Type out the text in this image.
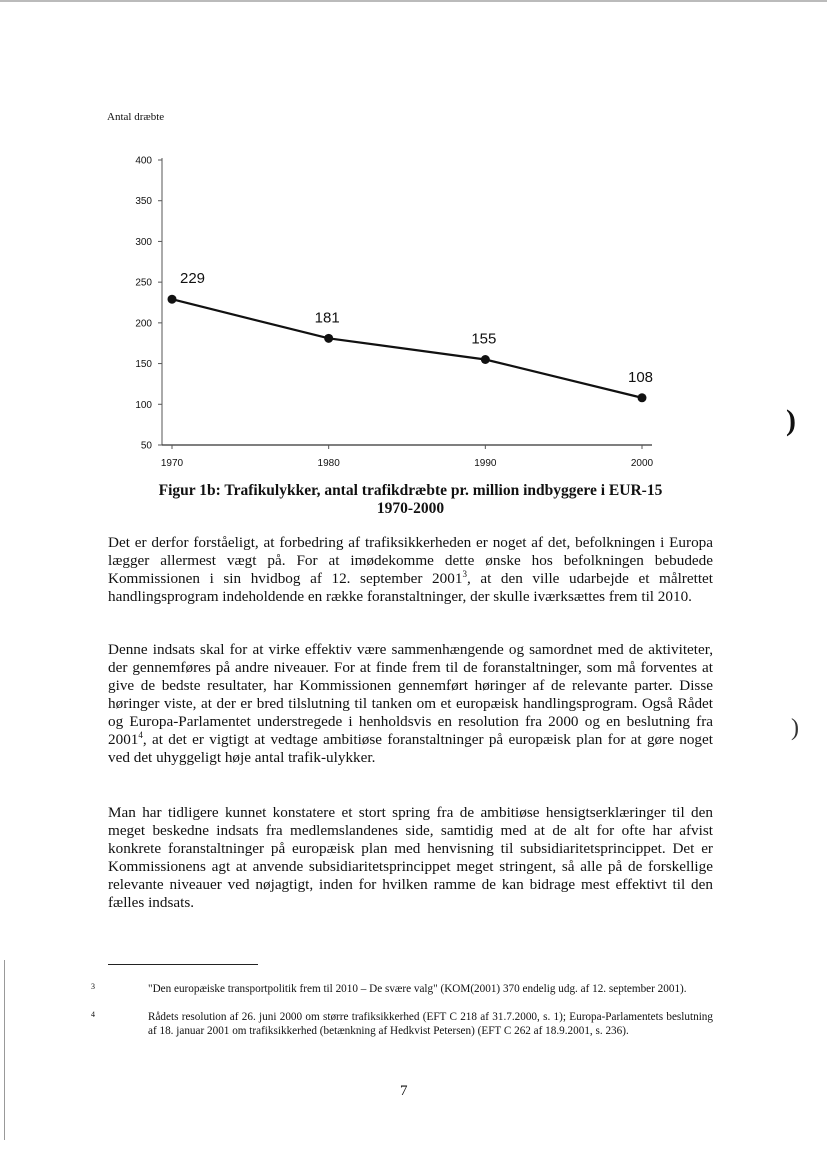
Antal dræbte
400
350
300
250
200
150
100
50
1970	1980	1990	2000
229
181
155
108
Figur 1b: Trafikulykker, antal trafikdræbte pr. million indbyggere i EUR-15
1970-2000

Det er derfor forståeligt, at forbedring af trafiksikkerheden er noget af det, befolkningen i Europa lægger allermest vægt på. For at imødekomme dette ønske hos befolkningen bebudede Kommissionen i sin hvidbog af 12. september 2001$^3$, at den ville udarbejde et målrettet handlingsprogram indeholdende en række foranstaltninger, der skulle iværksættes frem til 2010.

Denne indsats skal for at virke effektiv være sammenhængende og samordnet med de aktiviteter, der gennemføres på andre niveauer. For at finde frem til de foranstaltninger, som må forventes at give de bedste resultater, har Kommissionen gennemført høringer af de relevante parter. Disse høringer viste, at der er bred tilslutning til tanken om et europæisk handlingsprogram. Også Rådet og Europa-Parlamentet understregede i henholdsvis en resolution fra 2000 og en beslutning fra 2001$^4$, at det er vigtigt at vedtage ambitiøse foranstaltninger på europæisk plan for at gøre noget ved det uhyggeligt høje antal trafik-ulykker.

Man har tidligere kunnet konstatere et stort spring fra de ambitiøse hensigtserklæringer til den meget beskedne indsats fra medlemslandenes side, samtidig med at de alt for ofte har afvist konkrete foranstaltninger på europæisk plan med henvisning til subsidiaritetsprincippet. Det er Kommissionens agt at anvende subsidiaritetsprincippet meget stringent, så alle på de forskellige relevante niveauer ved nøjagtigt, inden for hvilken ramme de kan bidrage mest effektivt til den fælles indsats.

3	"Den europæiske transportpolitik frem til 2010 – De svære valg" (KOM(2001) 370 endelig udg. af 12. september 2001).
4	Rådets resolution af 26. juni 2000 om større trafiksikkerhed (EFT C 218 af 31.7.2000, s. 1); Europa-Parlamentets beslutning af 18. januar 2001 om trafiksikkerhed (betænkning af Hedkvist Petersen) (EFT C 262 af 18.9.2001, s. 236).
7
)
)
